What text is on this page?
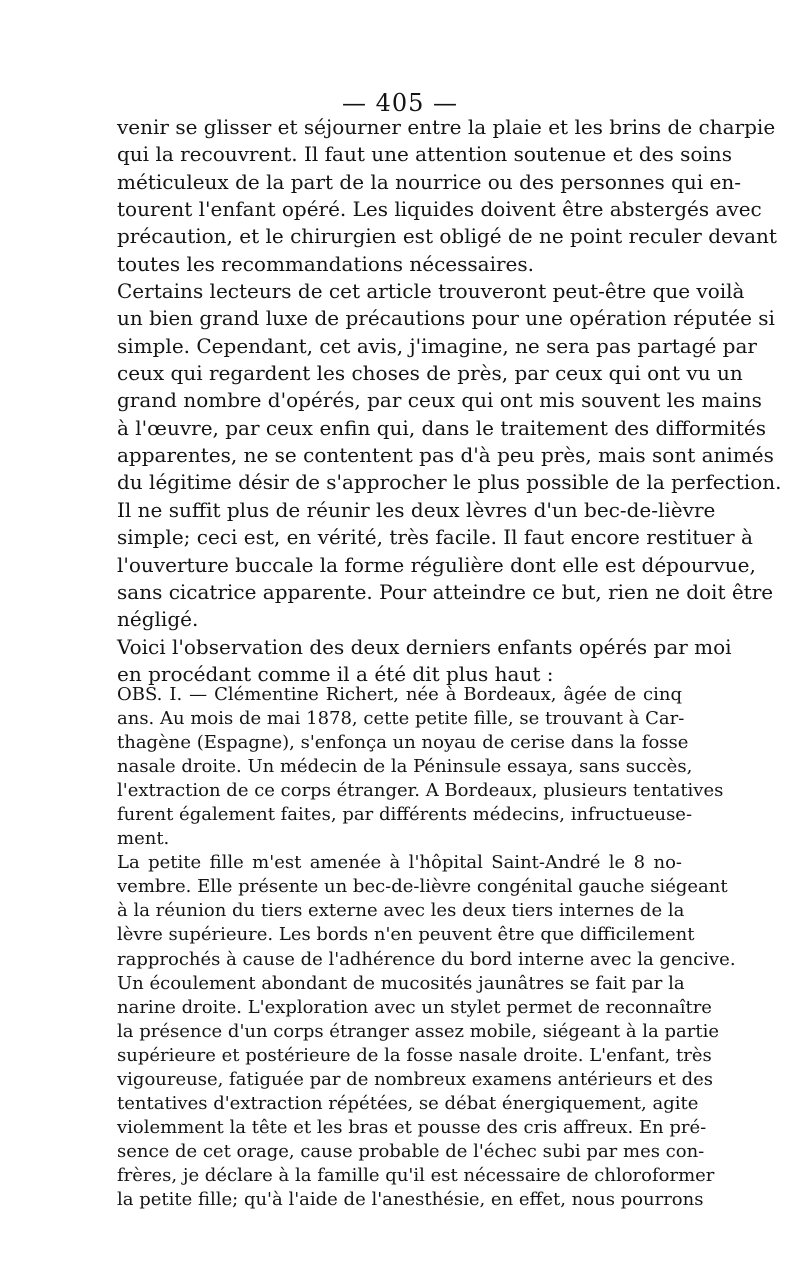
— 405 —
venir se glisser et séjourner entre la plaie et les brins de charpie
qui la recouvrent. Il faut une attention soutenue et des soins
méticuleux de la part de la nourrice ou des personnes qui en-
tourent l'enfant opéré. Les liquides doivent être abstergés avec
précaution, et le chirurgien est obligé de ne point reculer devant
toutes les recommandations nécessaires.
Certains lecteurs de cet article trouveront peut-être que voilà
un bien grand luxe de précautions pour une opération réputée si
simple. Cependant, cet avis, j'imagine, ne sera pas partagé par
ceux qui regardent les choses de près, par ceux qui ont vu un
grand nombre d'opérés, par ceux qui ont mis souvent les mains
à l'œuvre, par ceux enfin qui, dans le traitement des difformités
apparentes, ne se contentent pas d'à peu près, mais sont animés
du légitime désir de s'approcher le plus possible de la perfection.
Il ne suffit plus de réunir les deux lèvres d'un bec-de-lièvre
simple; ceci est, en vérité, très facile. Il faut encore restituer à
l'ouverture buccale la forme régulière dont elle est dépourvue,
sans cicatrice apparente. Pour atteindre ce but, rien ne doit être
négligé.
Voici l'observation des deux derniers enfants opérés par moi
en procédant comme il a été dit plus haut :
OBS. I. — Clémentine Richert, née à Bordeaux, âgée de cinq
ans. Au mois de mai 1878, cette petite fille, se trouvant à Car-
thagène (Espagne), s'enfonça un noyau de cerise dans la fosse
nasale droite. Un médecin de la Péninsule essaya, sans succès,
l'extraction de ce corps étranger. A Bordeaux, plusieurs tentatives
furent également faites, par différents médecins, infructueuse-
ment.
La petite fille m'est amenée à l'hôpital Saint-André le 8 no-
vembre. Elle présente un bec-de-lièvre congénital gauche siégeant
à la réunion du tiers externe avec les deux tiers internes de la
lèvre supérieure. Les bords n'en peuvent être que difficilement
rapprochés à cause de l'adhérence du bord interne avec la gencive.
Un écoulement abondant de mucosités jaunâtres se fait par la
narine droite. L'exploration avec un stylet permet de reconnaître
la présence d'un corps étranger assez mobile, siégeant à la partie
supérieure et postérieure de la fosse nasale droite. L'enfant, très
vigoureuse, fatiguée par de nombreux examens antérieurs et des
tentatives d'extraction répétées, se débat énergiquement, agite
violemment la tête et les bras et pousse des cris affreux. En pré-
sence de cet orage, cause probable de l'échec subi par mes con-
frères, je déclare à la famille qu'il est nécessaire de chloroformer
la petite fille; qu'à l'aide de l'anesthésie, en effet, nous pourrons
